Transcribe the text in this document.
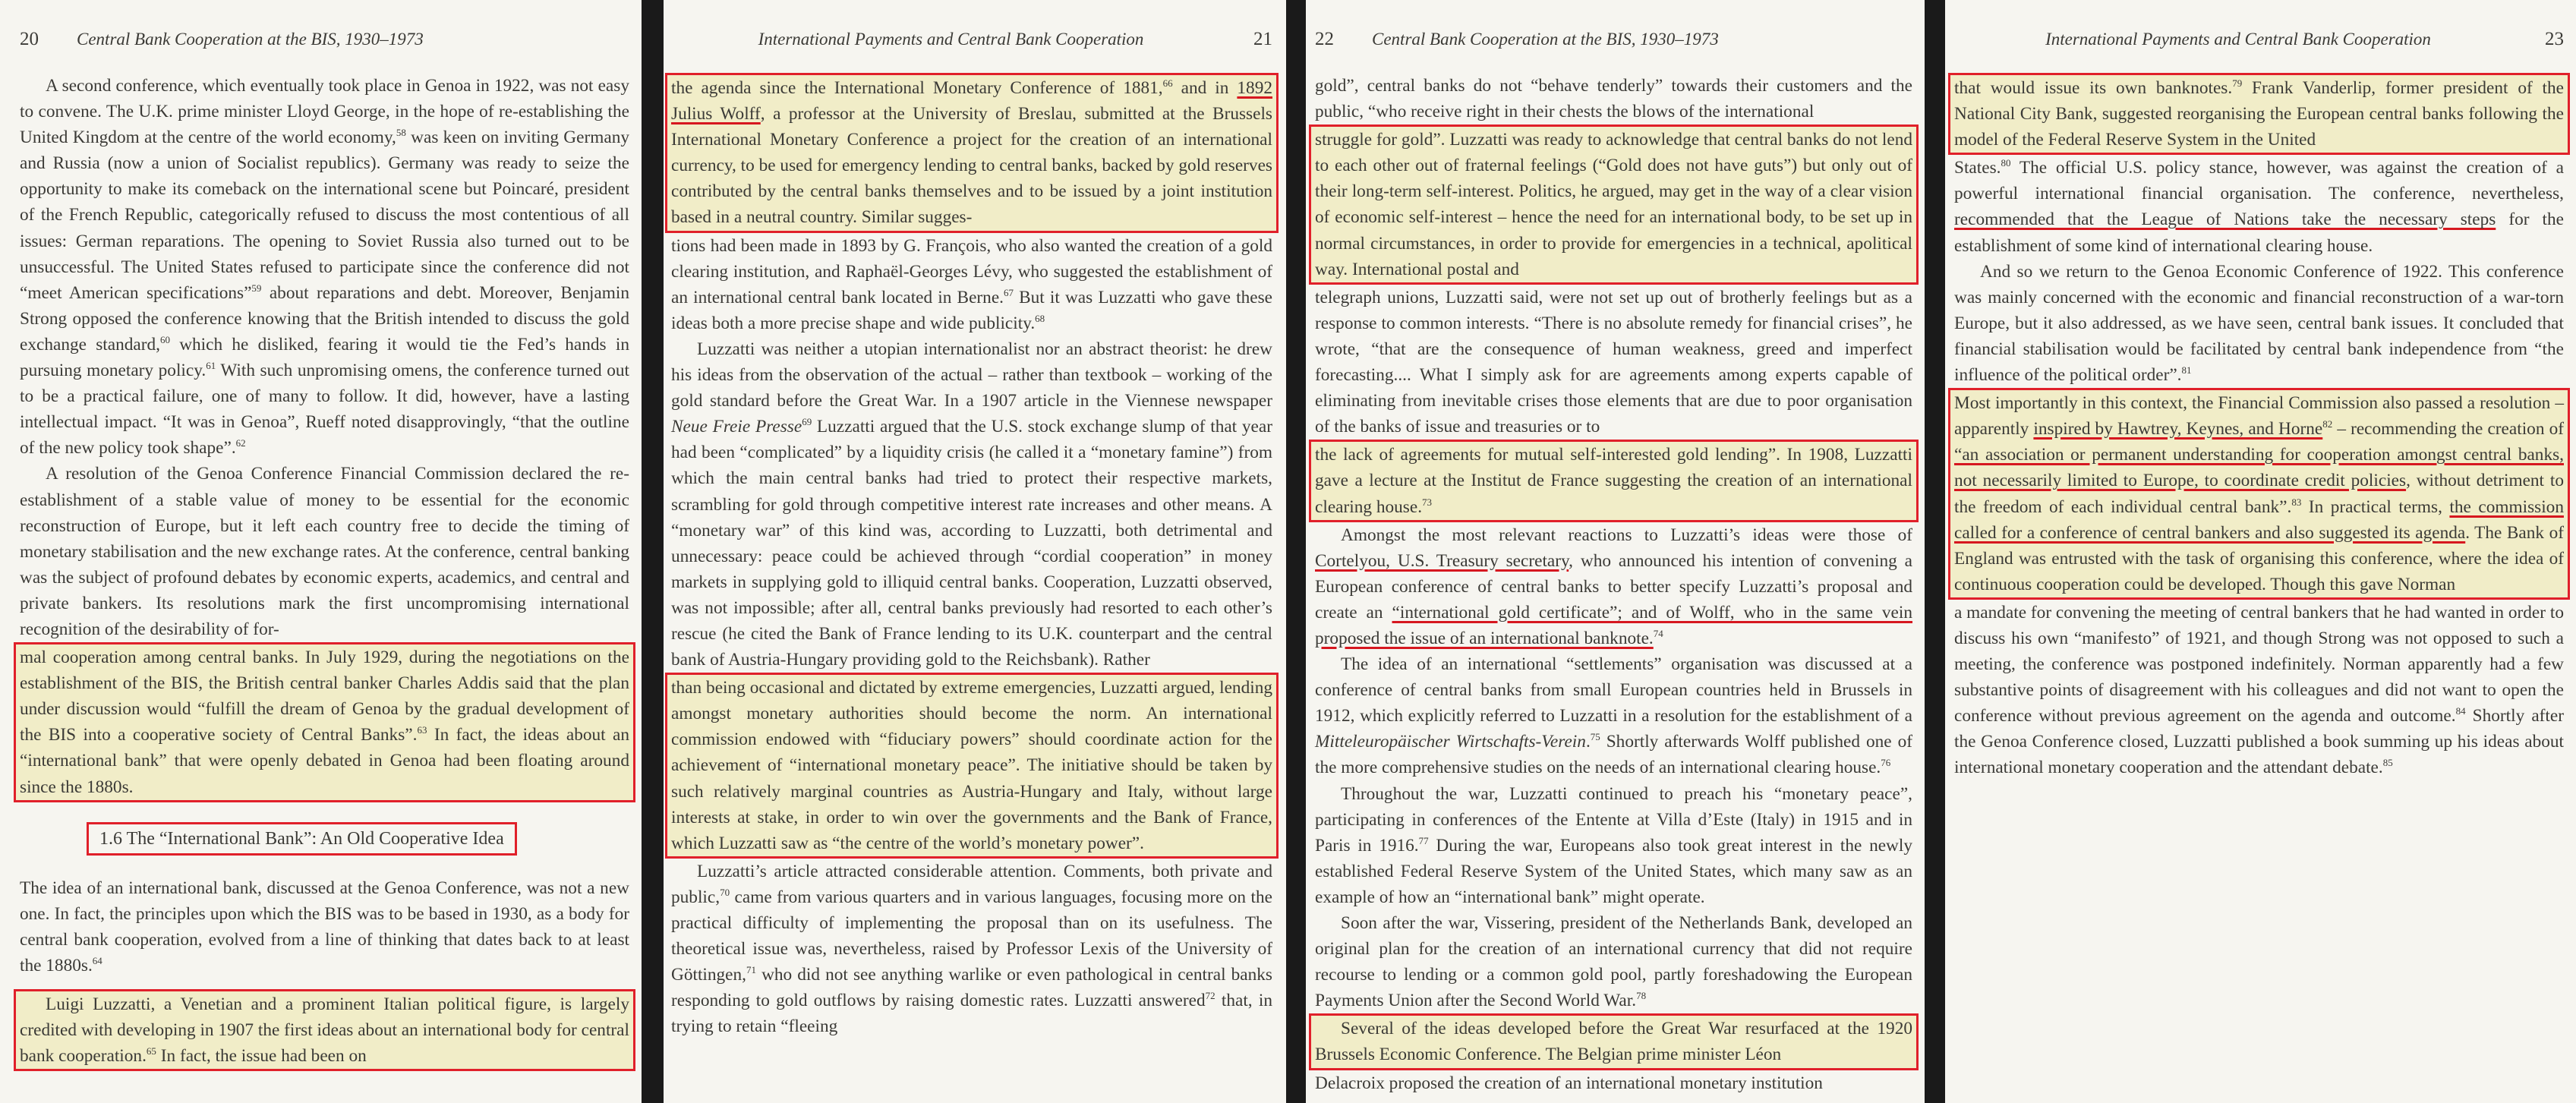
20	Central Bank Cooperation at the BIS, 1930–1973

A second conference, which eventually took place in Genoa in 1922, was not easy to convene. The U.K. prime minister Lloyd George, in the hope of re-establishing the United Kingdom at the centre of the world economy,$^{58}$ was keen on inviting Germany and Russia (now a union of Socialist republics). Germany was ready to seize the opportunity to make its comeback on the international scene but Poincaré, president of the French Republic, categorically refused to discuss the most contentious of all issues: German reparations. The opening to Soviet Russia also turned out to be unsuccessful. The United States refused to participate since the conference did not “meet American specifications”$^{59}$ about reparations and debt. Moreover, Benjamin Strong opposed the conference knowing that the British intended to discuss the gold exchange standard,$^{60}$ which he disliked, fearing it would tie the Fed’s hands in pursuing monetary policy.$^{61}$ With such unpromising omens, the conference turned out to be a practical failure, one of many to follow. It did, however, have a lasting intellectual impact. “It was in Genoa”, Rueff noted disapprovingly, “that the outline of the new policy took shape”.$^{62}$

A resolution of the Genoa Conference Financial Commission declared the re-establishment of a stable value of money to be essential for the economic reconstruction of Europe, but it left each country free to decide the timing of monetary stabilisation and the new exchange rates. At the conference, central banking was the subject of profound debates by economic experts, academics, and central and private bankers. Its resolutions mark the first uncompromising international recognition of the desirability of for-

mal cooperation among central banks. In July 1929, during the negotiations on the establishment of the BIS, the British central banker Charles Addis said that the plan under discussion would “fulfill the dream of Genoa by the gradual development of the BIS into a cooperative society of Central Banks”.$^{63}$ In fact, the ideas about an “international bank” that were openly debated in Genoa had been floating around since the 1880s.

1.6 The “International Bank”: An Old Cooperative Idea

The idea of an international bank, discussed at the Genoa Conference, was not a new one. In fact, the principles upon which the BIS was to be based in 1930, as a body for central bank cooperation, evolved from a line of thinking that dates back to at least the 1880s.$^{64}$

Luigi Luzzatti, a Venetian and a prominent Italian political figure, is largely credited with developing in 1907 the first ideas about an international body for central bank cooperation.$^{65}$ In fact, the issue had been on

International Payments and Central Bank Cooperation	21

the agenda since the International Monetary Conference of 1881,66 and in 1892 Julius Wolff, a professor at the University of Breslau, submitted at the Brussels International Monetary Conference a project for the creation of an international currency, to be used for emergency lending to central banks, backed by gold reserves contributed by the central banks themselves and to be issued by a joint institution based in a neutral country. Similar sugges-

tions had been made in 1893 by G. François, who also wanted the creation of a gold clearing institution, and Raphaël-Georges Lévy, who suggested the establishment of an international central bank located in Berne.$^{67}$ But it was Luzzatti who gave these ideas both a more precise shape and wide publicity.$^{68}$

Luzzatti was neither a utopian internationalist nor an abstract theorist: he drew his ideas from the observation of the actual – rather than textbook – working of the gold standard before the Great War. In a 1907 article in the Viennese newspaper Neue Freie Presse$^{69}$ Luzzatti argued that the U.S. stock exchange slump of that year had been “complicated” by a liquidity crisis (he called it a “monetary famine”) from which the main central banks had tried to protect their respective markets, scrambling for gold through competitive interest rate increases and other means. A “monetary war” of this kind was, according to Luzzatti, both detrimental and unnecessary: peace could be achieved through “cordial cooperation” in money markets in supplying gold to illiquid central banks. Cooperation, Luzzatti observed, was not impossible; after all, central banks previously had resorted to each other’s rescue (he cited the Bank of France lending to its U.K. counterpart and the central bank of Austria-Hungary providing gold to the Reichsbank). Rather

than being occasional and dictated by extreme emergencies, Luzzatti argued, lending amongst monetary authorities should become the norm. An international commission endowed with “fiduciary powers” should coordinate action for the achievement of “international monetary peace”. The initiative should be taken by such relatively marginal countries as Austria-Hungary and Italy, without large interests at stake, in order to win over the governments and the Bank of France, which Luzzatti saw as “the centre of the world’s monetary power”.

Luzzatti’s article attracted considerable attention. Comments, both private and public,$^{70}$ came from various quarters and in various languages, focusing more on the practical difficulty of implementing the proposal than on its usefulness. The theoretical issue was, nevertheless, raised by Professor Lexis of the University of Göttingen,$^{71}$ who did not see anything warlike or even pathological in central banks responding to gold outflows by raising domestic rates. Luzzatti answered$^{72}$ that, in trying to retain “fleeing

22	Central Bank Cooperation at the BIS, 1930–1973

gold”, central banks do not “behave tenderly” towards their customers and the public, “who receive right in their chests the blows of the international

struggle for gold”. Luzzatti was ready to acknowledge that central banks do not lend to each other out of fraternal feelings (“Gold does not have guts”) but only out of their long-term self-interest. Politics, he argued, may get in the way of a clear vision of economic self-interest – hence the need for an international body, to be set up in normal circumstances, in order to provide for emergencies in a technical, apolitical way. International postal and

telegraph unions, Luzzatti said, were not set up out of brotherly feelings but as a response to common interests. “There is no absolute remedy for financial crises”, he wrote, “that are the consequence of human weakness, greed and imperfect forecasting.... What I simply ask for are agreements among experts capable of eliminating from inevitable crises those elements that are due to poor organisation of the banks of issue and treasuries or to

the lack of agreements for mutual self-interested gold lending”. In 1908, Luzzatti gave a lecture at the Institut de France suggesting the creation of an international clearing house.$^{73}$

Amongst the most relevant reactions to Luzzatti’s ideas were those of Cortelyou, U.S. Treasury secretary, who announced his intention of convening a European conference of central banks to better specify Luzzatti’s proposal and create an “international gold certificate”; and of Wolff, who in the same vein proposed the issue of an international banknote.$^{74}$

The idea of an international “settlements” organisation was discussed at a conference of central banks from small European countries held in Brussels in 1912, which explicitly referred to Luzzatti in a resolution for the establishment of a Mitteleuropäischer Wirtschafts-Verein.$^{75}$ Shortly afterwards Wolff published one of the more comprehensive studies on the needs of an international clearing house.$^{76}$

Throughout the war, Luzzatti continued to preach his “monetary peace”, participating in conferences of the Entente at Villa d’Este (Italy) in 1915 and in Paris in 1916.77 During the war, Europeans also took great interest in the newly established Federal Reserve System of the United States, which many saw as an example of how an “international bank” might operate.

Soon after the war, Vissering, president of the Netherlands Bank, developed an original plan for the creation of an international currency that did not require recourse to lending or a common gold pool, partly foreshadowing the European Payments Union after the Second World War.$^{78}$

Several of the ideas developed before the Great War resurfaced at the 1920 Brussels Economic Conference. The Belgian prime minister Léon

Delacroix proposed the creation of an international monetary institution

International Payments and Central Bank Cooperation	23

that would issue its own banknotes.$^{79}$ Frank Vanderlip, former president of the National City Bank, suggested reorganising the European central banks following the model of the Federal Reserve System in the United

States.$^{80}$ The official U.S. policy stance, however, was against the creation of a powerful international financial organisation. The conference, nevertheless, recommended that the League of Nations take the necessary steps for the establishment of some kind of international clearing house.

And so we return to the Genoa Economic Conference of 1922. This conference was mainly concerned with the economic and financial reconstruction of a war-torn Europe, but it also addressed, as we have seen, central bank issues. It concluded that financial stabilisation would be facilitated by central bank independence from “the influence of the political order”.$^{81}$

Most importantly in this context, the Financial Commission also passed a resolution – apparently inspired by Hawtrey, Keynes, and Horne$^{82}$ – recommending the creation of “an association or permanent understanding for cooperation amongst central banks, not necessarily limited to Europe, to coordinate credit policies, without detriment to the freedom of each individual central bank”.$^{83}$ In practical terms, the commission called for a conference of central bankers and also suggested its agenda. The Bank of England was entrusted with the task of organising this conference, where the idea of continuous cooperation could be developed. Though this gave Norman

a mandate for convening the meeting of central bankers that he had wanted in order to discuss his own “manifesto” of 1921, and though Strong was not opposed to such a meeting, the conference was postponed indefinitely. Norman apparently had a few substantive points of disagreement with his colleagues and did not want to open the conference without previous agreement on the agenda and outcome.$^{84}$ Shortly after the Genoa Conference closed, Luzzatti published a book summing up his ideas about international monetary cooperation and the attendant debate.$^{85}$
